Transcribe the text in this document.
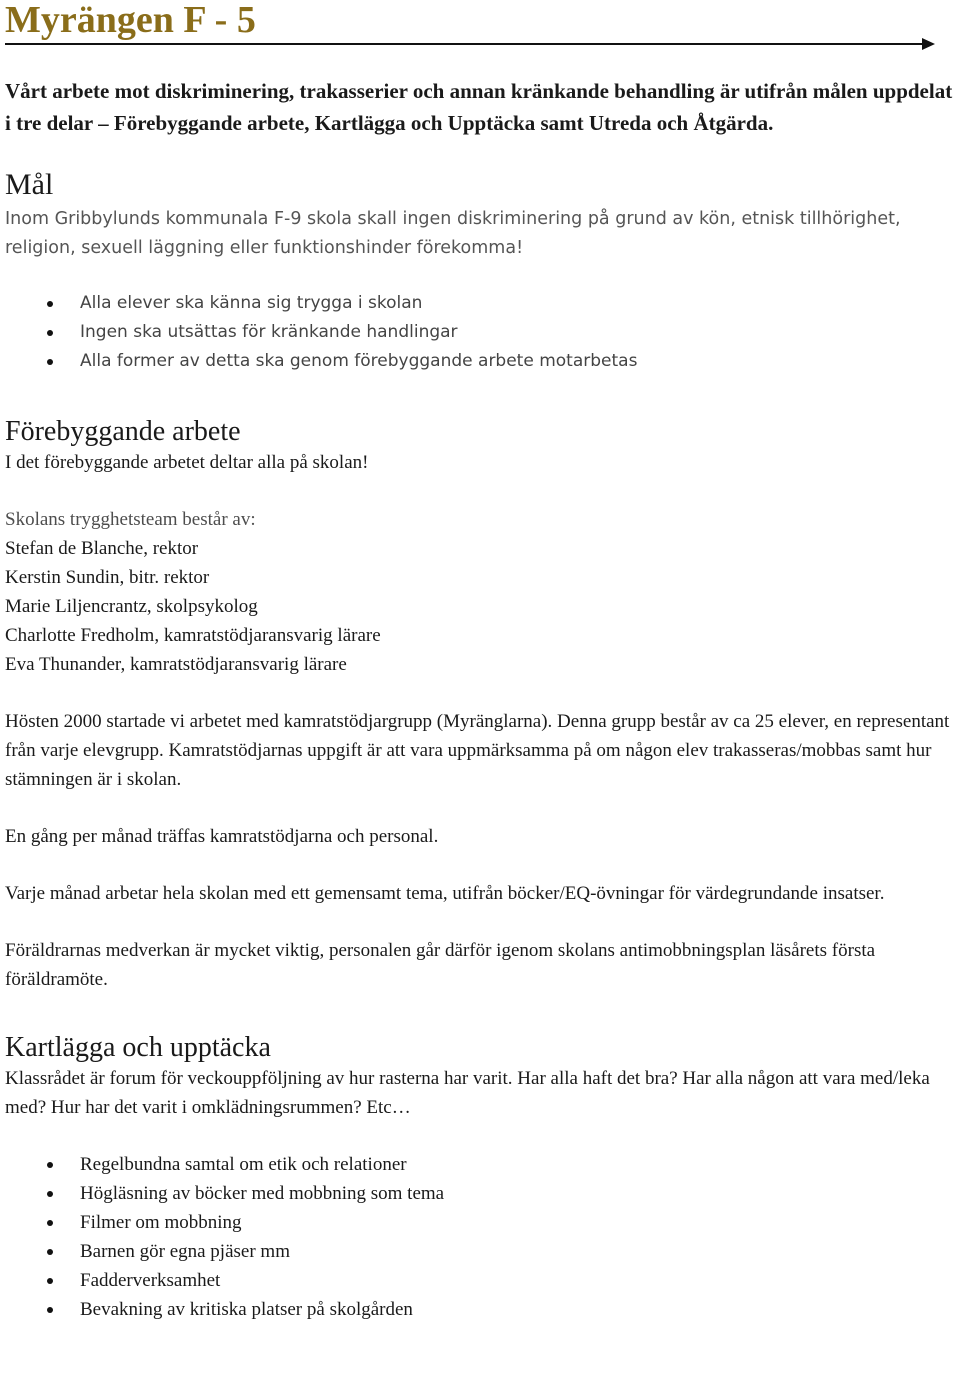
Myrängen F - 5

Vårt arbete mot diskriminering, trakasserier och annan kränkande behandling är utifrån målen uppdelat i tre delar – Förebyggande arbete, Kartlägga och Upptäcka samt Utreda och Åtgärda.

Mål

Inom Gribbylunds kommunala F-9 skola skall ingen diskriminering på grund av kön, etnisk tillhörighet, religion, sexuell läggning eller funktionshinder förekomma!

Alla elever ska känna sig trygga i skolan
Ingen ska utsättas för kränkande handlingar
Alla former av detta ska genom förebyggande arbete motarbetas
Förebyggande arbete

I det förebyggande arbetet deltar alla på skolan!

Skolans trygghetsteam består av:

Stefan de Blanche, rektor

Kerstin Sundin, bitr. rektor

Marie Liljencrantz, skolpsykolog

Charlotte Fredholm, kamratstödjaransvarig lärare

Eva Thunander, kamratstödjaransvarig lärare

Hösten 2000 startade vi arbetet med kamratstödjargrupp (Myränglarna). Denna grupp består av ca 25 elever, en representant från varje elevgrupp. Kamratstödjarnas uppgift är att vara uppmärksamma på om någon elev trakasseras/mobbas samt hur stämningen är i skolan.

En gång per månad träffas kamratstödjarna och personal.

Varje månad arbetar hela skolan med ett gemensamt tema, utifrån böcker/EQ-övningar för värdegrundande insatser.

Föräldrarnas medverkan är mycket viktig, personalen går därför igenom skolans antimobbningsplan läsårets första föräldramöte.

Kartlägga och upptäcka

Klassrådet är forum för veckouppföljning av hur rasterna har varit. Har alla haft det bra? Har alla någon att vara med/leka med? Hur har det varit i omklädningsrummen? Etc…

Regelbundna samtal om etik och relationer
Högläsning av böcker med mobbning som tema
Filmer om mobbning
Barnen gör egna pjäser mm
Fadderverksamhet
Bevakning av kritiska platser på skolgården
